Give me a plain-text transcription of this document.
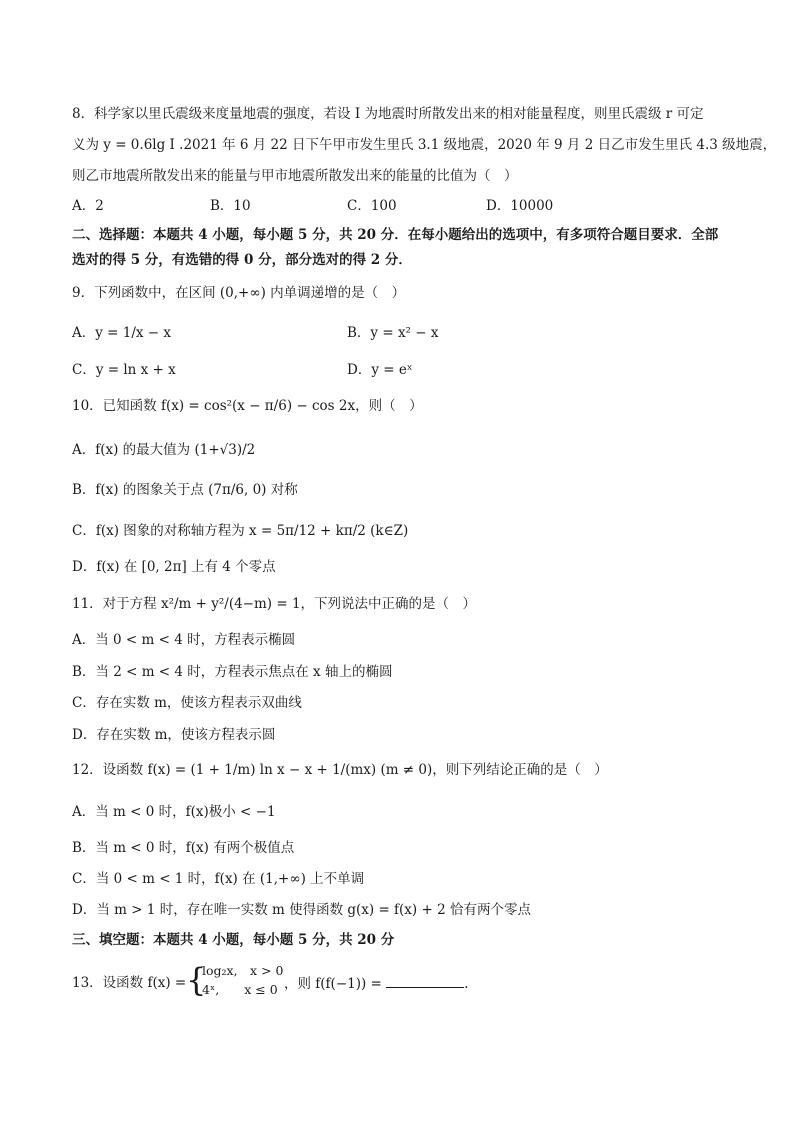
8．科学家以里氏震级来度量地震的强度，若设 I 为地震时所散发出来的相对能量程度，则里氏震级 r 可定
义为 y = 0.6lg I .2021 年 6 月 22 日下午甲市发生里氏 3.1 级地震，2020 年 9 月 2 日乙市发生里氏 4.3 级地震，
则乙市地震所散发出来的能量与甲市地震所散发出来的能量的比值为（　）
A．2	B．10	C．100	D．10000
二、选择题：本题共 4 小题，每小题 5 分，共 20 分．在每小题给出的选项中，有多项符合题目要求．全部
选对的得 5 分，有选错的得 0 分，部分选对的得 2 分．
9．下列函数中，在区间 (0,+∞) 内单调递增的是（　）
A．y = 1/x − x	B．y = x² − x
C．y = ln x + x	D．y = eˣ
10．已知函数 f(x) = cos²(x − π/6) − cos 2x，则（　）
A．f(x) 的最大值为 (1+√3)/2
B．f(x) 的图象关于点 (7π/6, 0) 对称
C．f(x) 图象的对称轴方程为 x = 5π/12 + kπ/2 (k∈Z)
D．f(x) 在 [0, 2π] 上有 4 个零点
11．对于方程 x²/m + y²/(4−m) = 1，下列说法中正确的是（　）
A．当 0 < m < 4 时，方程表示椭圆
B．当 2 < m < 4 时，方程表示焦点在 x 轴上的椭圆
C．存在实数 m，使该方程表示双曲线
D．存在实数 m，使该方程表示圆
12．设函数 f(x) = (1 + 1/m) ln x − x + 1/(mx) (m ≠ 0)，则下列结论正确的是（　）
A．当 m < 0 时，f(x)极小 < −1
B．当 m < 0 时，f(x) 有两个极值点
C．当 0 < m < 1 时，f(x) 在 (1,+∞) 上不单调
D．当 m > 1 时，存在唯一实数 m 使得函数 g(x) = f(x) + 2 恰有两个零点
三、填空题：本题共 4 小题，每小题 5 分，共 20 分
13．设函数 f(x) = {
log₂x,　x > 0
4ˣ,　　x ≤ 0 ，则 f(f(−1)) =	.
